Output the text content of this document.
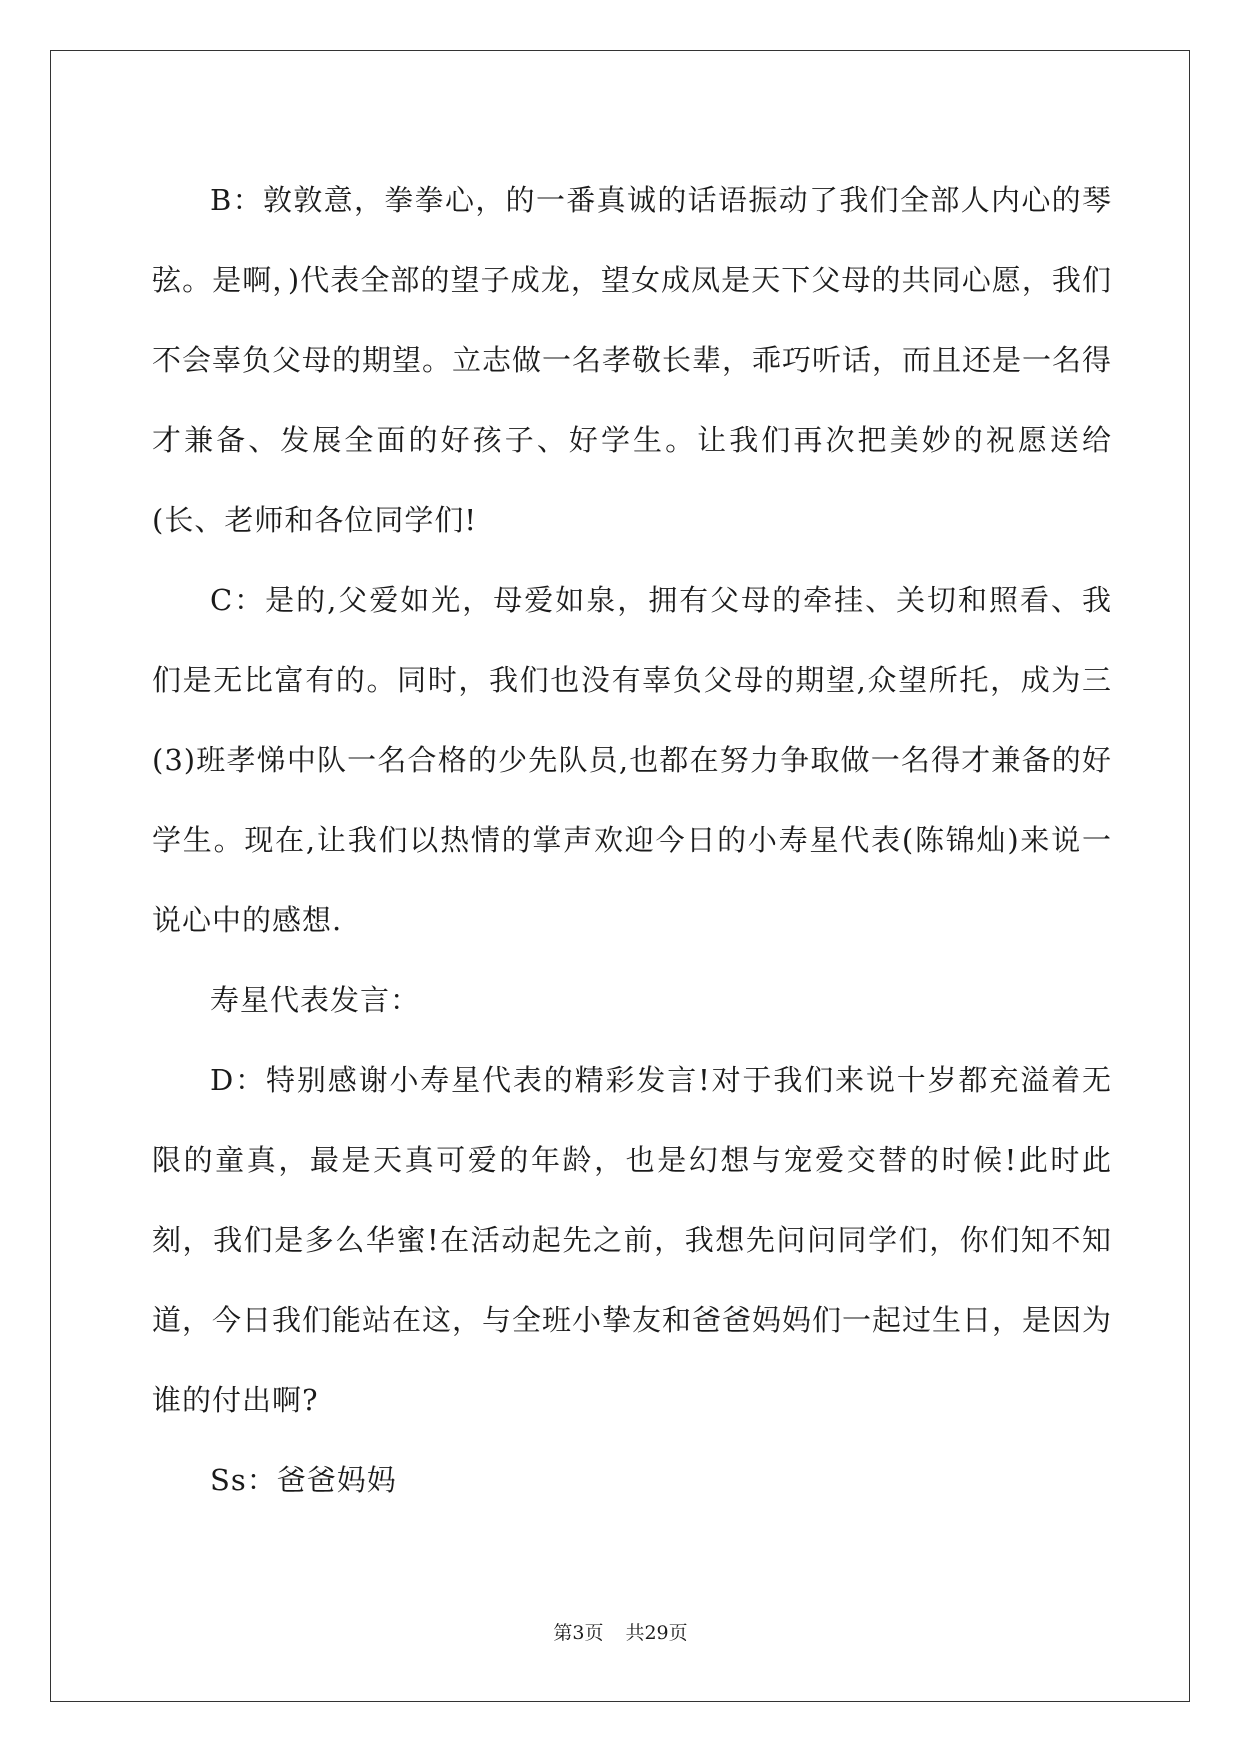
B：敦敦意，拳拳心，的一番真诚的话语振动了我们全部人内心的琴弦。是啊，)代表全部的望子成龙，望女成凤是天下父母的共同心愿，我们不会辜负父母的期望。立志做一名孝敬长辈，乖巧听话，而且还是一名得才兼备、发展全面的好孩子、好学生。让我们再次把美妙的祝愿送给(长、老师和各位同学们!

C：是的,父爱如光，母爱如泉，拥有父母的牵挂、关切和照看、我们是无比富有的。同时，我们也没有辜负父母的期望,众望所托，成为三(3)班孝悌中队一名合格的少先队员,也都在努力争取做一名得才兼备的好学生。现在,让我们以热情的掌声欢迎今日的小寿星代表(陈锦灿)来说一说心中的感想.

寿星代表发言：

D：特别感谢小寿星代表的精彩发言!对于我们来说十岁都充溢着无限的童真，最是天真可爱的年龄，也是幻想与宠爱交替的时候!此时此刻，我们是多么华蜜!在活动起先之前，我想先问问同学们，你们知不知道，今日我们能站在这，与全班小挚友和爸爸妈妈们一起过生日，是因为谁的付出啊?

Ss：爸爸妈妈

第3页 共29页
